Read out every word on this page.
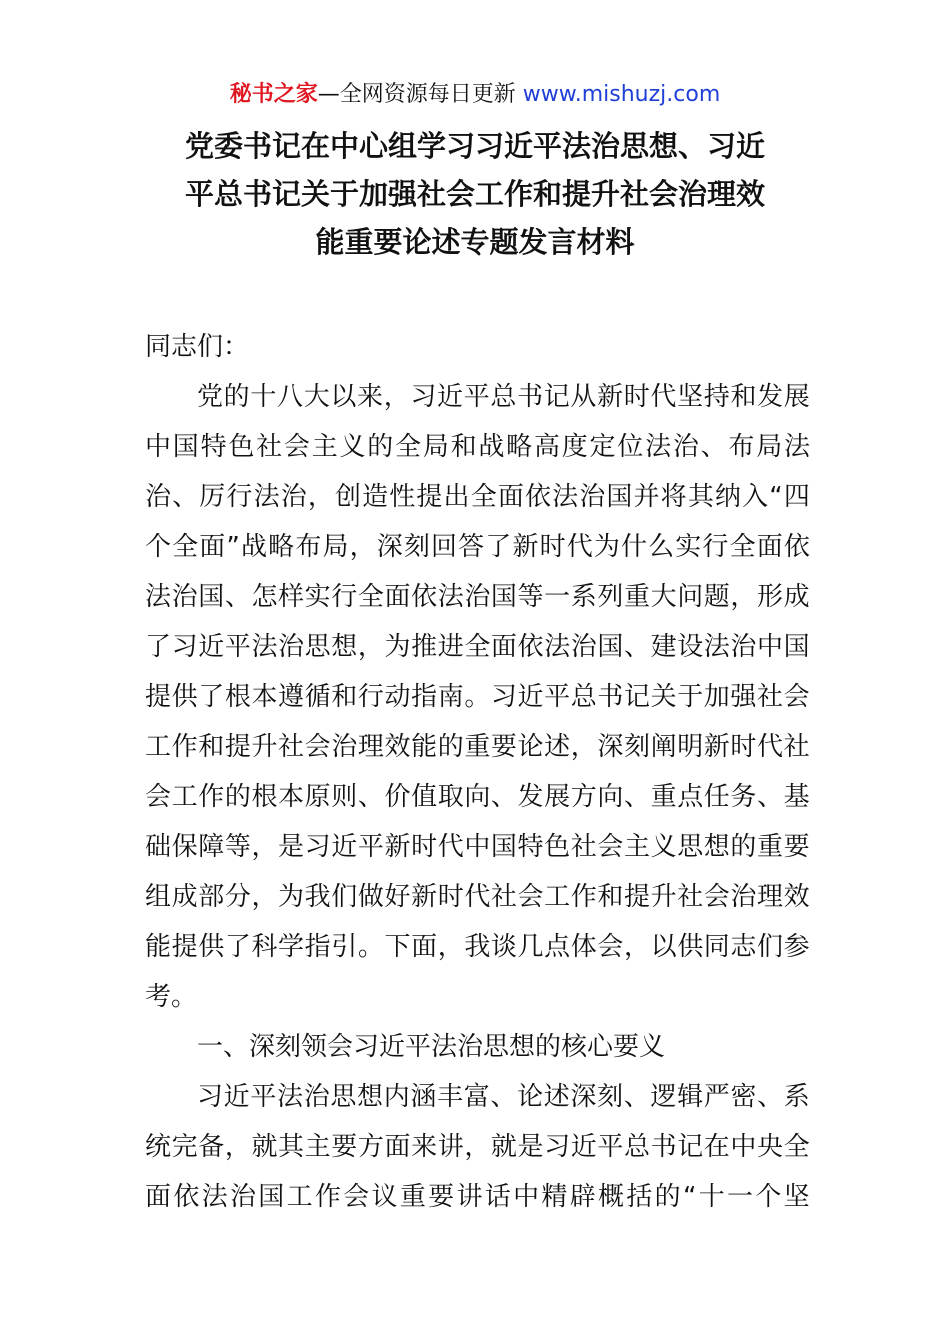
秘书之家—全网资源每日更新 www.mishuzj.com
党委书记在中心组学习习近平法治思想、习近
平总书记关于加强社会工作和提升社会治理效
能重要论述专题发言材料
同志们：
党 的 十 八 大 以 来 ， 习 近 平 总 书 记 从 新 时 代 坚 持 和 发 展
中 国 特 色 社 会 主 义 的 全 局 和 战 略 高 度 定 位 法 治 、 布 局 法
治 、 厉 行 法 治 ， 创 造 性 提 出 全 面 依 法 治 国 并 将 其 纳 入 “ 四
个 全 面 ” 战 略 布 局 ， 深 刻 回 答 了 新 时 代 为 什 么 实 行 全 面 依
法 治 国 、 怎 样 实 行 全 面 依 法 治 国 等 一 系 列 重 大 问 题 ， 形 成
了 习 近 平 法 治 思 想 ， 为 推 进 全 面 依 法 治 国 、 建 设 法 治 中 国
提 供 了 根 本 遵 循 和 行 动 指 南 。 习 近 平 总 书 记 关 于 加 强 社 会
工 作 和 提 升 社 会 治 理 效 能 的 重 要 论 述 ， 深 刻 阐 明 新 时 代 社
会 工 作 的 根 本 原 则 、 价 值 取 向 、 发 展 方 向 、 重 点 任 务 、 基
础 保 障 等 ， 是 习 近 平 新 时 代 中 国 特 色 社 会 主 义 思 想 的 重 要
组 成 部 分 ， 为 我 们 做 好 新 时 代 社 会 工 作 和 提 升 社 会 治 理 效
能 提 供 了 科 学 指 引 。 下 面 ， 我 谈 几 点 体 会 ， 以 供 同 志 们 参
考。
一、深刻领会习近平法治思想的核心要义
习 近 平 法 治 思 想 内 涵 丰 富 、 论 述 深 刻 、 逻 辑 严 密 、 系
统 完 备 ， 就 其 主 要 方 面 来 讲 ， 就 是 习 近 平 总 书 记 在 中 央 全
面 依 法 治 国 工 作 会 议 重 要 讲 话 中 精 辟 概 括 的 “ 十 一 个 坚
